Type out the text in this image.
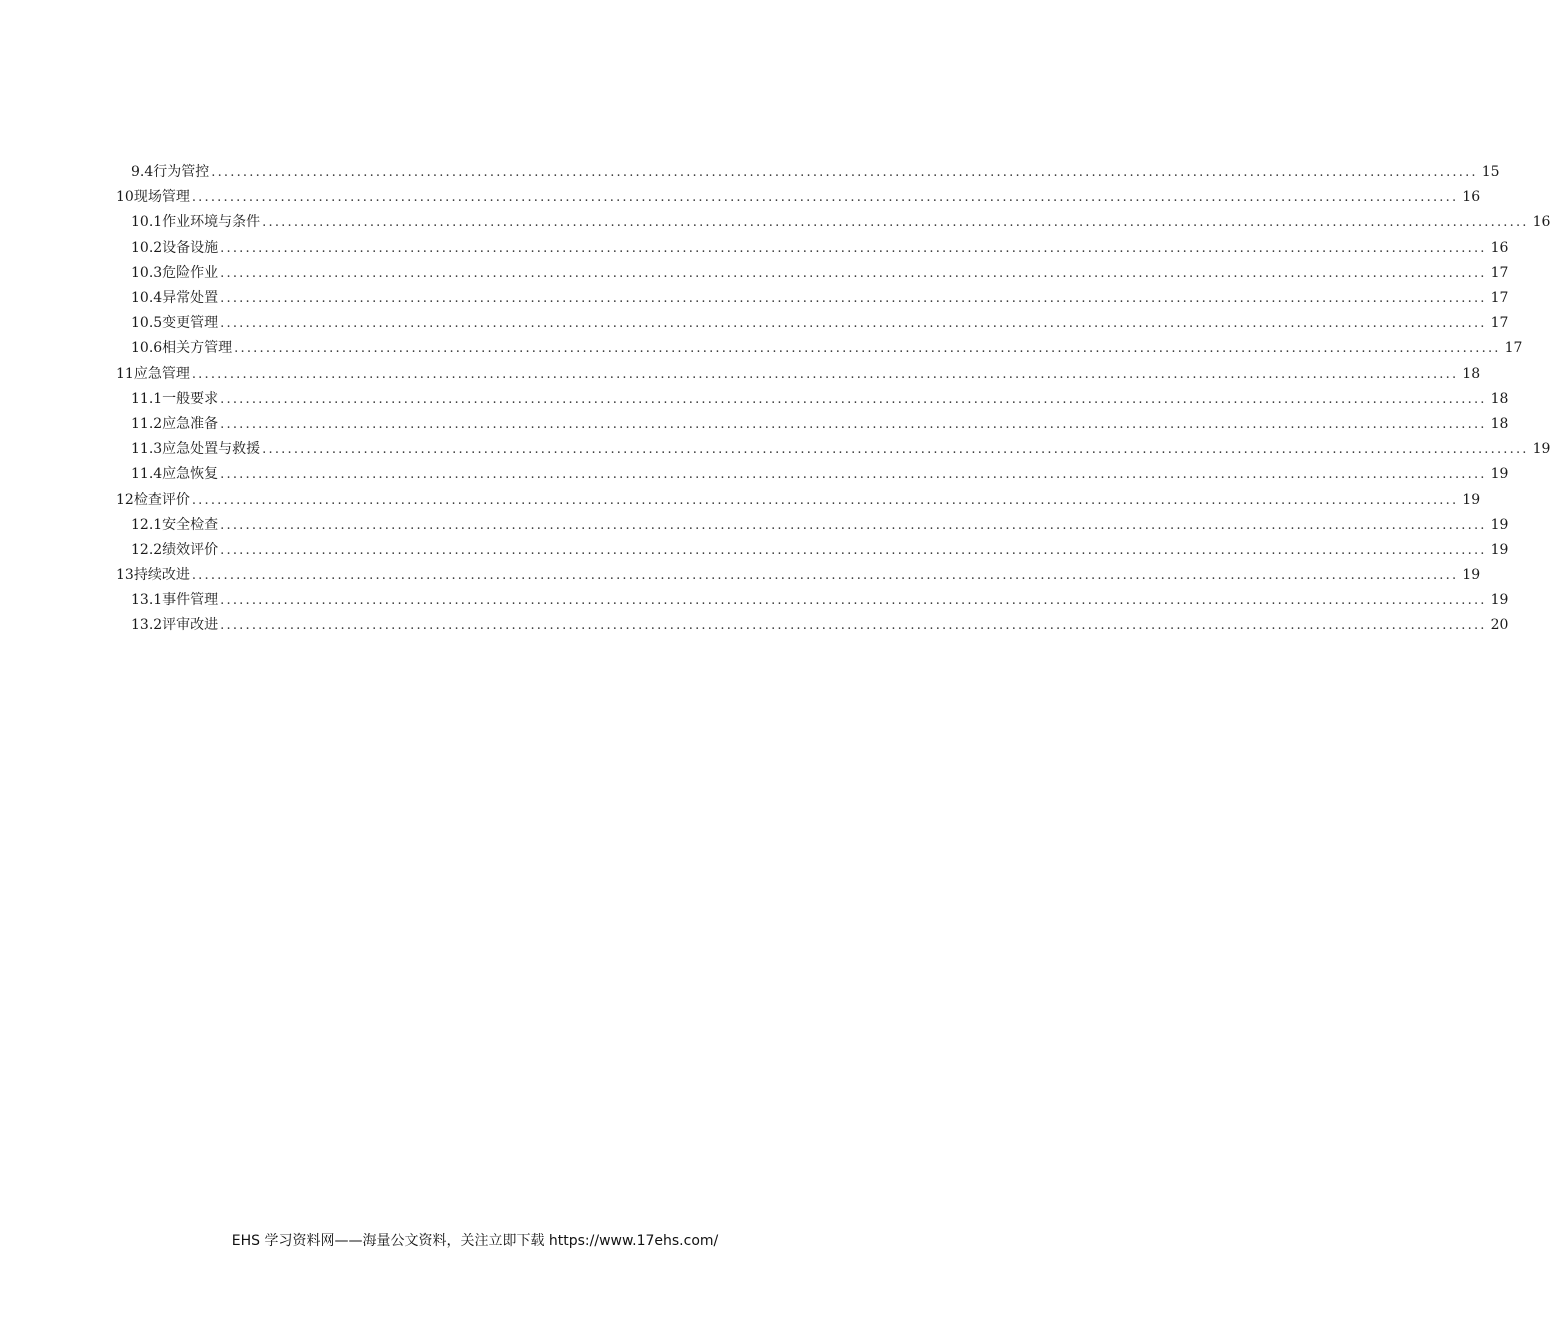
9.4 行为管控 ........................................................................................................................................................................................................ 15
10 现场管理 ........................................................................................................................................................................................................ 16
10.1 作业环境与条件 ........................................................................................................................................................................................................ 16
10.2 设备设施 ........................................................................................................................................................................................................ 16
10.3 危险作业 ........................................................................................................................................................................................................ 17
10.4 异常处置 ........................................................................................................................................................................................................ 17
10.5 变更管理 ........................................................................................................................................................................................................ 17
10.6 相关方管理 ........................................................................................................................................................................................................ 17
11 应急管理 ........................................................................................................................................................................................................ 18
11.1 一般要求 ........................................................................................................................................................................................................ 18
11.2 应急准备 ........................................................................................................................................................................................................ 18
11.3 应急处置与救援 ........................................................................................................................................................................................................ 19
11.4 应急恢复 ........................................................................................................................................................................................................ 19
12 检查评价 ........................................................................................................................................................................................................ 19
12.1 安全检查 ........................................................................................................................................................................................................ 19
12.2 绩效评价 ........................................................................................................................................................................................................ 19
13 持续改进 ........................................................................................................................................................................................................ 19
13.1 事件管理 ........................................................................................................................................................................................................ 19
13.2 评审改进 ........................................................................................................................................................................................................ 20
EHS 学习资料网——海量公文资料，关注立即下载 https://www.17ehs.com/
